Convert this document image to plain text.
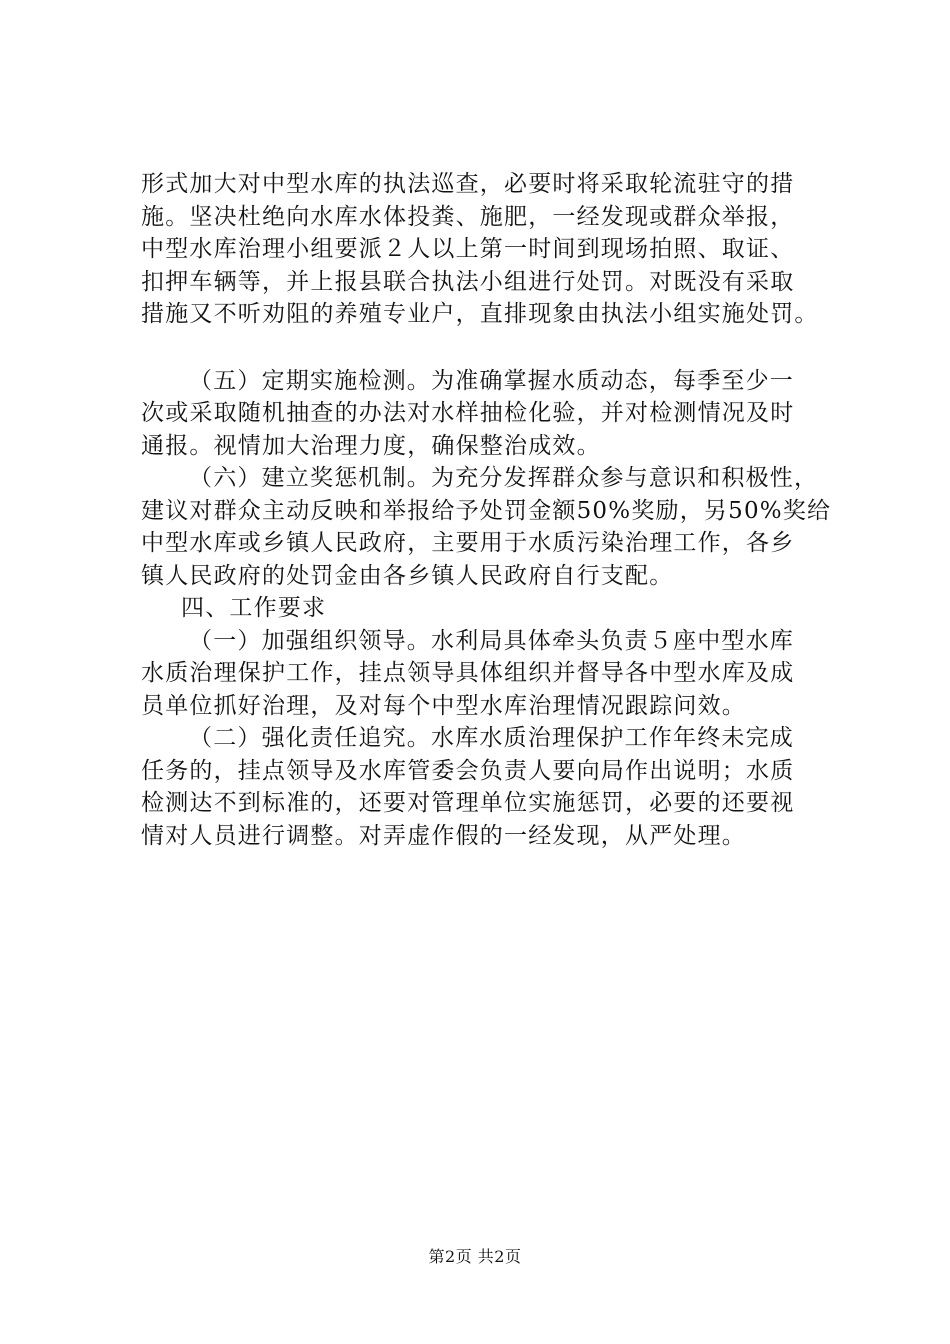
形式加大对中型水库的执法巡查，必要时将采取轮流驻守的措
施。坚决杜绝向水库水体投粪、施肥，一经发现或群众举报，
中型水库治理小组要派２人以上第一时间到现场拍照、取证、
扣押车辆等，并上报县联合执法小组进行处罚。对既没有采取
措施又不听劝阻的养殖专业户，直排现象由执法小组实施处罚。
（五）定期实施检测。为准确掌握水质动态，每季至少一
次或采取随机抽查的办法对水样抽检化验，并对检测情况及时
通报。视情加大治理力度，确保整治成效。
（六）建立奖惩机制。为充分发挥群众参与意识和积极性，
建议对群众主动反映和举报给予处罚金额50%奖励，另50%奖给
中型水库或乡镇人民政府，主要用于水质污染治理工作，各乡
镇人民政府的处罚金由各乡镇人民政府自行支配。
四、工作要求
（一）加强组织领导。水利局具体牵头负责５座中型水库
水质治理保护工作，挂点领导具体组织并督导各中型水库及成
员单位抓好治理，及对每个中型水库治理情况跟踪问效。
（二）强化责任追究。水库水质治理保护工作年终未完成
任务的，挂点领导及水库管委会负责人要向局作出说明；水质
检测达不到标准的，还要对管理单位实施惩罚，必要的还要视
情对人员进行调整。对弄虚作假的一经发现，从严处理。
第2页 共2页
